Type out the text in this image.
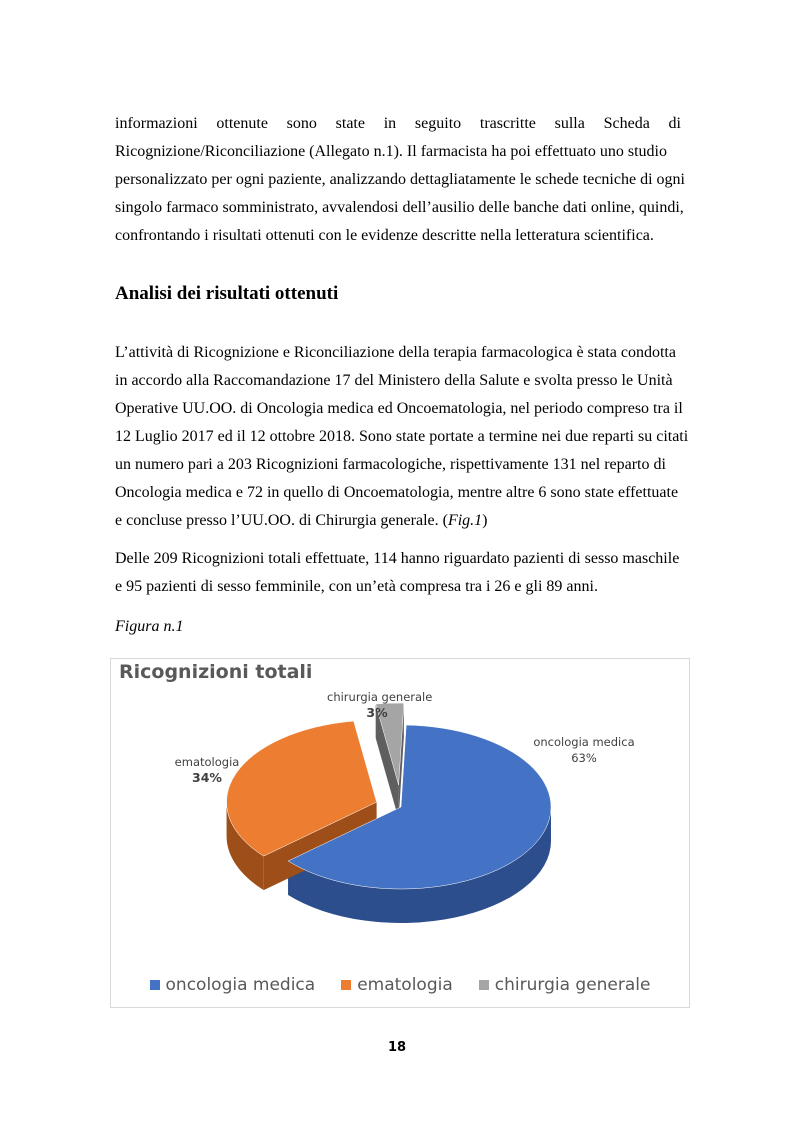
informazioni ottenute sono state in seguito trascritte sulla Scheda di
Ricognizione/Riconciliazione (Allegato n.1). Il farmacista ha poi effettuato uno studio
personalizzato per ogni paziente, analizzando dettagliatamente le schede tecniche di ogni
singolo farmaco somministrato, avvalendosi dell’ausilio delle banche dati online, quindi,
confrontando i risultati ottenuti con le evidenze descritte nella letteratura scientifica.
Analisi dei risultati ottenuti
L’attività di Ricognizione e Riconciliazione della terapia farmacologica è stata condotta
in accordo alla Raccomandazione 17 del Ministero della Salute e svolta presso le Unità
Operative UU.OO. di Oncologia medica ed Oncoematologia, nel periodo compreso tra il
12 Luglio 2017 ed il 12 ottobre 2018. Sono state portate a termine nei due reparti su citati
un numero pari a 203 Ricognizioni farmacologiche, rispettivamente 131 nel reparto di
Oncologia medica e 72 in quello di Oncoematologia, mentre altre 6 sono state effettuate
e concluse presso l’UU.OO. di Chirurgia generale. (Fig.1)
Delle 209 Ricognizioni totali effettuate, 114 hanno riguardato pazienti di sesso maschile
e 95 pazienti di sesso femminile, con un’età compresa tra i 26 e gli 89 anni.
Figura n.1
Ricognizioni totali
chirurgia generale
3%
ematologia
34%
oncologia medica
63%
oncologia medica ematologia chirurgia generale
18
